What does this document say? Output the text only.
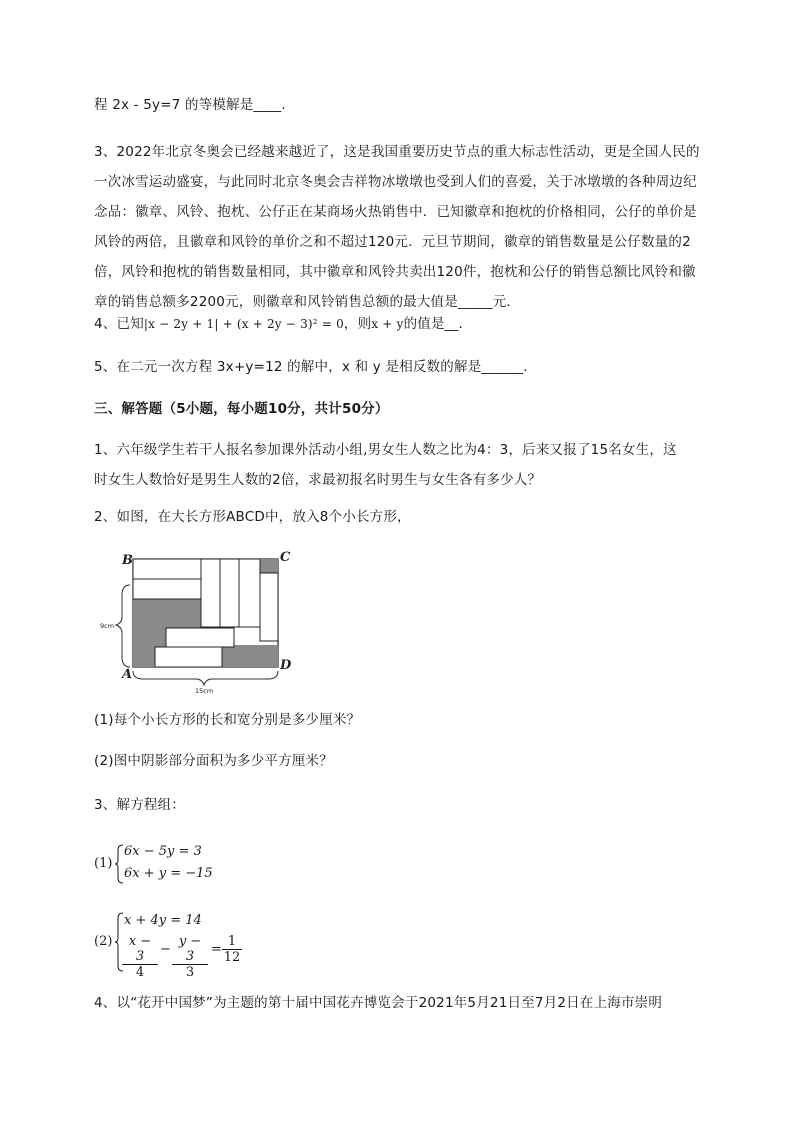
程 2x - 5y=7 的等模解是____.
3、2022年北京冬奥会已经越来越近了，这是我国重要历史节点的重大标志性活动，更是全国人民的
一次冰雪运动盛宴，与此同时北京冬奥会吉祥物冰墩墩也受到人们的喜爱，关于冰墩墩的各种周边纪
念品：徽章、风铃、抱枕、公仔正在某商场火热销售中．已知徽章和抱枕的价格相同，公仔的单价是
风铃的两倍，且徽章和风铃的单价之和不超过120元．元旦节期间，徽章的销售数量是公仔数量的2
倍，风铃和抱枕的销售数量相同，其中徽章和风铃共卖出120件，抱枕和公仔的销售总额比风铃和徽
章的销售总额多2200元，则徽章和风铃销售总额的最大值是_____元．
4、已知|x − 2y + 1| + (x + 2y − 3)² = 0，则x + y的值是__．
5、在二元一次方程 3x+y=12 的解中，x 和 y 是相反数的解是______.
三、解答题（5小题，每小题10分，共计50分）
1、六年级学生若干人报名参加课外活动小组,男女生人数之比为4：3，后来又报了15名女生，这
时女生人数恰好是男生人数的2倍，求最初报名时男生与女生各有多少人？
2、如图，在大长方形ABCD中，放入8个小长方形，
B	C
A
D
9cm
15cm
(1)每个小长方形的长和宽分别是多少厘米？
(2)图中阴影部分面积为多少平方厘米？
3、解方程组：
(1)
6x − 5y = 3
6x + y = −15
(2)
x + 4y = 14
$\frac{x - 3}{4} - \frac{y - 3}{3} = \frac{1}{12}$
4、以“花开中国梦”为主题的第十届中国花卉博览会于2021年5月21日至7月2日在上海市崇明
